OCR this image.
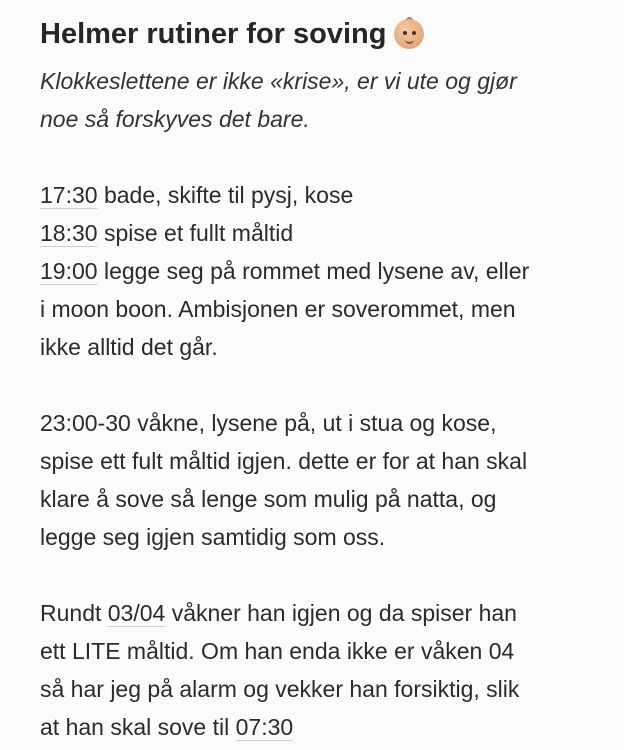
Helmer rutiner for soving

Klokkeslettene er ikke «krise», er vi ute og gjør

noe så forskyves det bare.

17:30 bade, skifte til pysj, kose

18:30 spise et fullt måltid

19:00 legge seg på rommet med lysene av, eller

i moon boon. Ambisjonen er soverommet, men

ikke alltid det går.

23:00-30 våkne, lysene på, ut i stua og kose,

spise ett fult måltid igjen. dette er for at han skal

klare å sove så lenge som mulig på natta, og

legge seg igjen samtidig som oss.

Rundt 03/04 våkner han igjen og da spiser han

ett LITE måltid. Om han enda ikke er våken 04

så har jeg på alarm og vekker han forsiktig, slik

at han skal sove til 07:30
